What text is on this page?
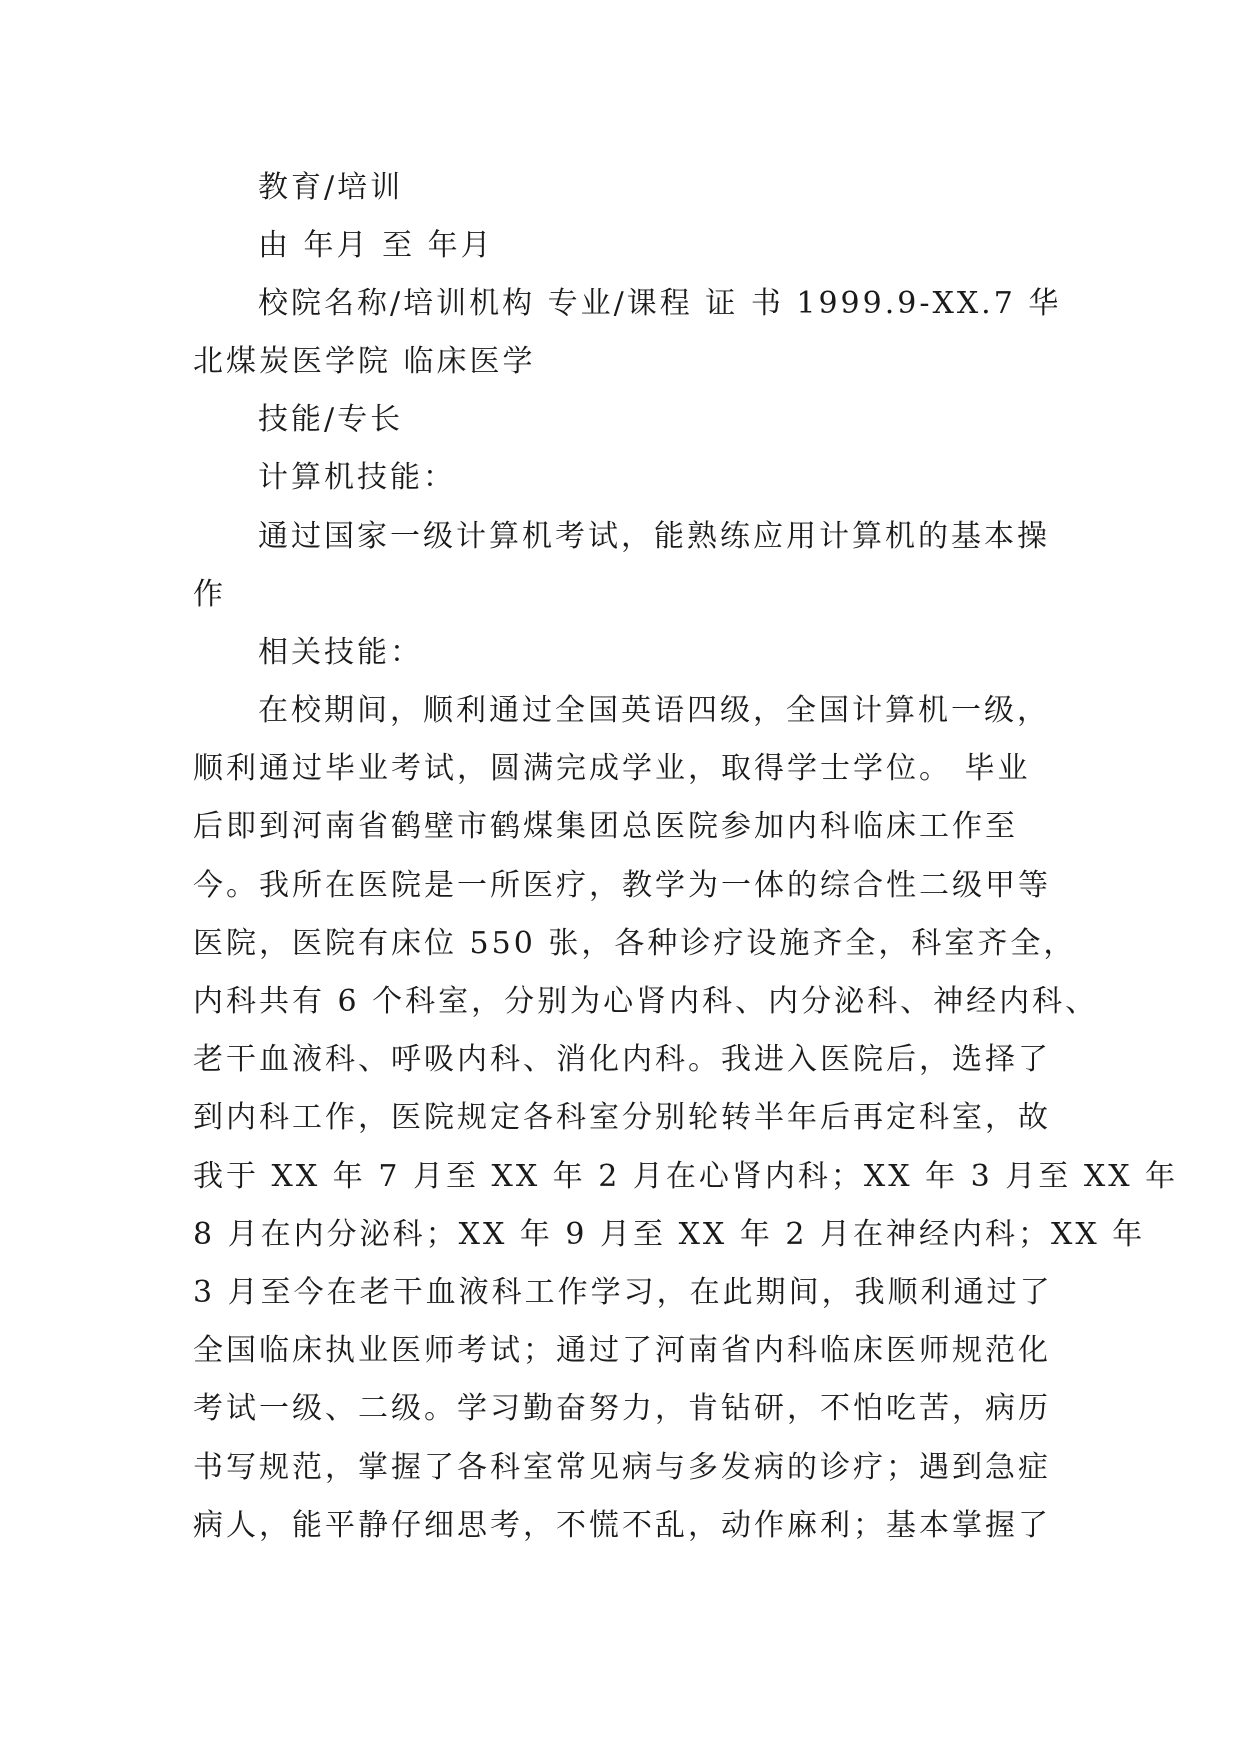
教育/培训
由 年月 至 年月
校院名称/培训机构 专业/课程 证 书 1999.9-XX.7 华
北煤炭医学院 临床医学
技能/专长
计算机技能：
通过国家一级计算机考试，能熟练应用计算机的基本操
作
相关技能：
在校期间，顺利通过全国英语四级，全国计算机一级，
顺利通过毕业考试，圆满完成学业，取得学士学位。 毕业
后即到河南省鹤壁市鹤煤集团总医院参加内科临床工作至
今。我所在医院是一所医疗，教学为一体的综合性二级甲等
医院，医院有床位 550 张，各种诊疗设施齐全，科室齐全，
内科共有 6 个科室，分别为心肾内科、内分泌科、神经内科、
老干血液科、呼吸内科、消化内科。我进入医院后，选择了
到内科工作，医院规定各科室分别轮转半年后再定科室，故
我于 XX 年 7 月至 XX 年 2 月在心肾内科；XX 年 3 月至 XX 年
8 月在内分泌科；XX 年 9 月至 XX 年 2 月在神经内科；XX 年
3 月至今在老干血液科工作学习，在此期间，我顺利通过了
全国临床执业医师考试；通过了河南省内科临床医师规范化
考试一级、二级。学习勤奋努力，肯钻研，不怕吃苦，病历
书写规范，掌握了各科室常见病与多发病的诊疗；遇到急症
病人，能平静仔细思考，不慌不乱，动作麻利；基本掌握了
